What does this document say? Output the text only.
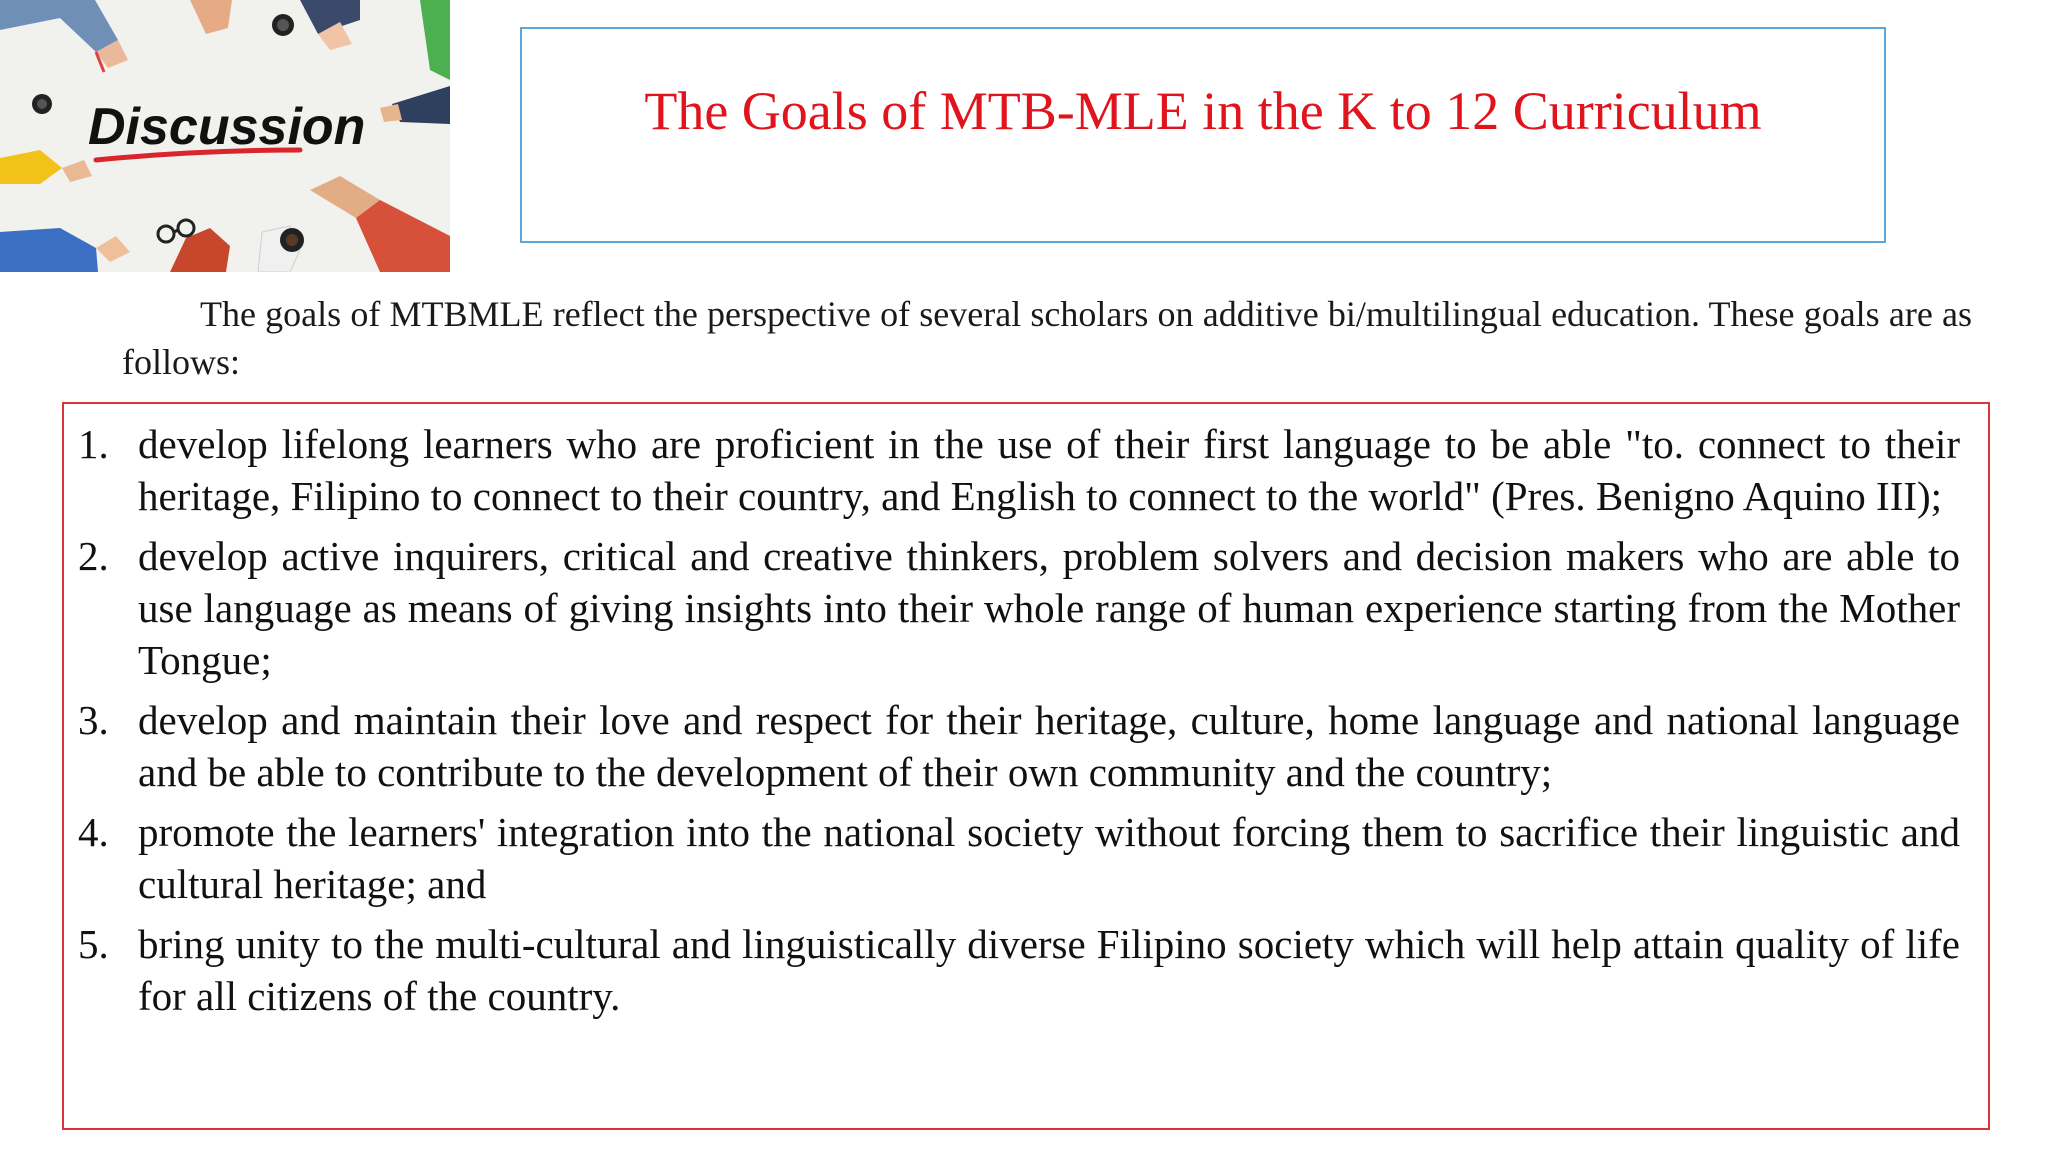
Discussion	The Goals of MTB-MLE in the K to 12 Curriculum
The goals of MTBMLE reflect the perspective of several scholars on additive bi/multilingual education. These goals are as follows:
1. develop lifelong learners who are proficient in the use of their first language to be able "to. connect to their heritage, Filipino to connect to their country, and English to connect to the world" (Pres. Benigno Aquino III);
2. develop active inquirers, critical and creative thinkers, problem solvers and decision makers who are able to use language as means of giving insights into their whole range of human experience starting from the Mother Tongue;
3. develop and maintain their love and respect for their heritage, culture, home language and national language and be able to contribute to the development of their own community and the country;
4. promote the learners' integration into the national society without forcing them to sacrifice their linguistic and cultural heritage; and
5. bring unity to the multi-cultural and linguistically diverse Filipino society which will help attain quality of life for all citizens of the country.
